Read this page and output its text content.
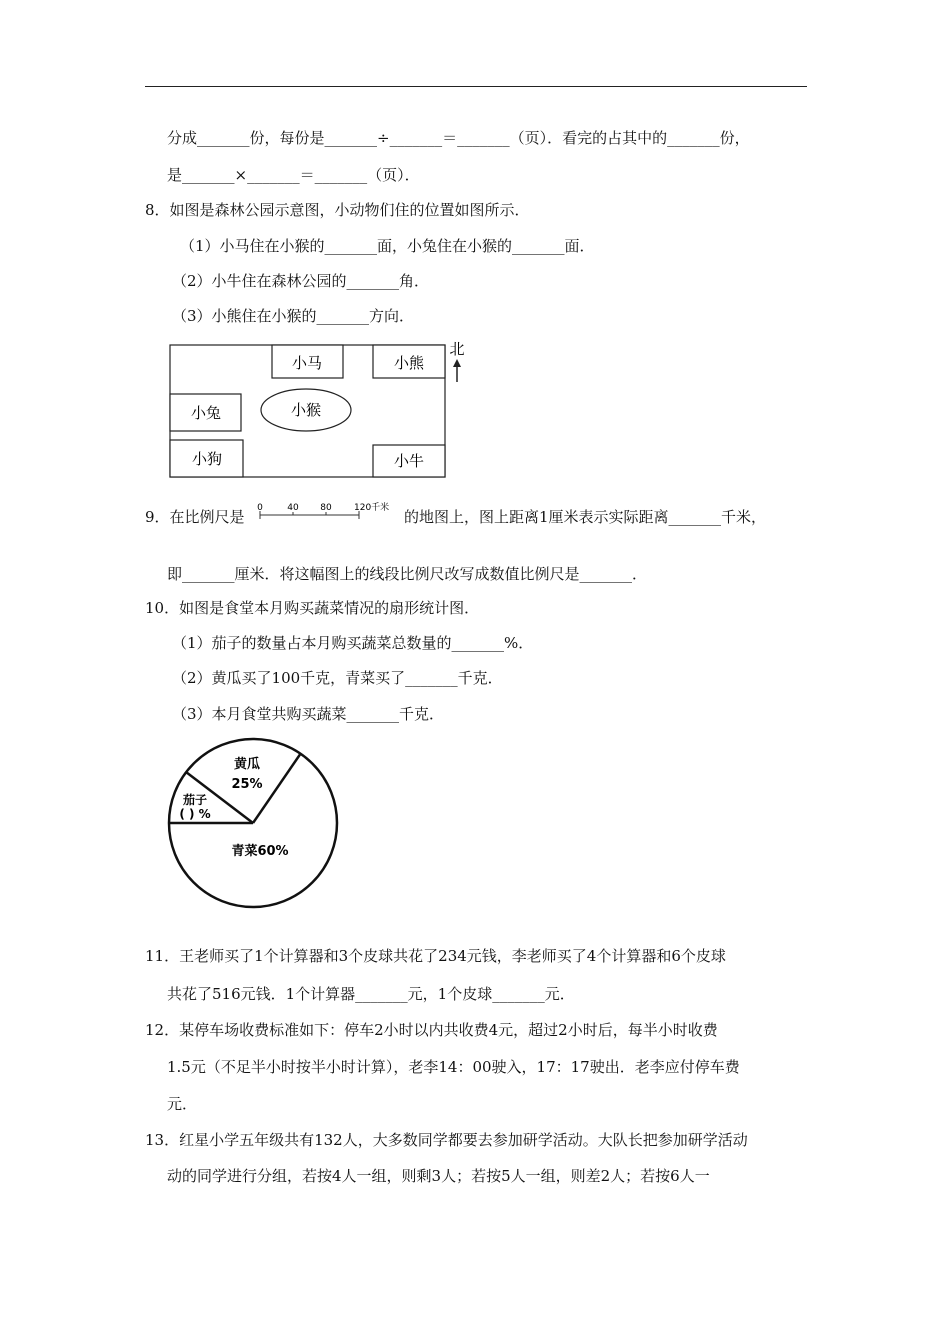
分成_______份，每份是_______÷_______＝_______（页）．看完的占其中的_______份，
是_______×_______＝_______（页）．
8．如图是森林公园示意图，小动物们住的位置如图所示．
（1）小马住在小猴的_______面，小兔住在小猴的_______面．
（2）小牛住在森林公园的_______角．
（3）小熊住在小猴的_______方向．
小马	小熊
小兔	小猴
小狗	小牛
北
9．在比例尺是 0	40 80 120千米 的地图上，图上距离1厘米表示实际距离_______千米，
即_______厘米．将这幅图上的线段比例尺改写成数值比例尺是_______．
10．如图是食堂本月购买蔬菜情况的扇形统计图．
（1）茄子的数量占本月购买蔬菜总数量的_______%．
（2）黄瓜买了100千克，青菜买了_______千克．
（3）本月食堂共购买蔬菜_______千克．
黄瓜
25%
茄子
( ) %
青菜60%
11．王老师买了1个计算器和3个皮球共花了234元钱，李老师买了4个计算器和6个皮球
共花了516元钱．1个计算器_______元，1个皮球_______元．
12．某停车场收费标准如下：停车2小时以内共收费4元，超过2小时后，每半小时收费
1.5元（不足半小时按半小时计算），老李14：00驶入，17：17驶出．老李应付停车费
元．
13．红星小学五年级共有132人，大多数同学都要去参加研学活动。大队长把参加研学活动
动的同学进行分组，若按4人一组，则剩3人；若按5人一组，则差2人；若按6人一
